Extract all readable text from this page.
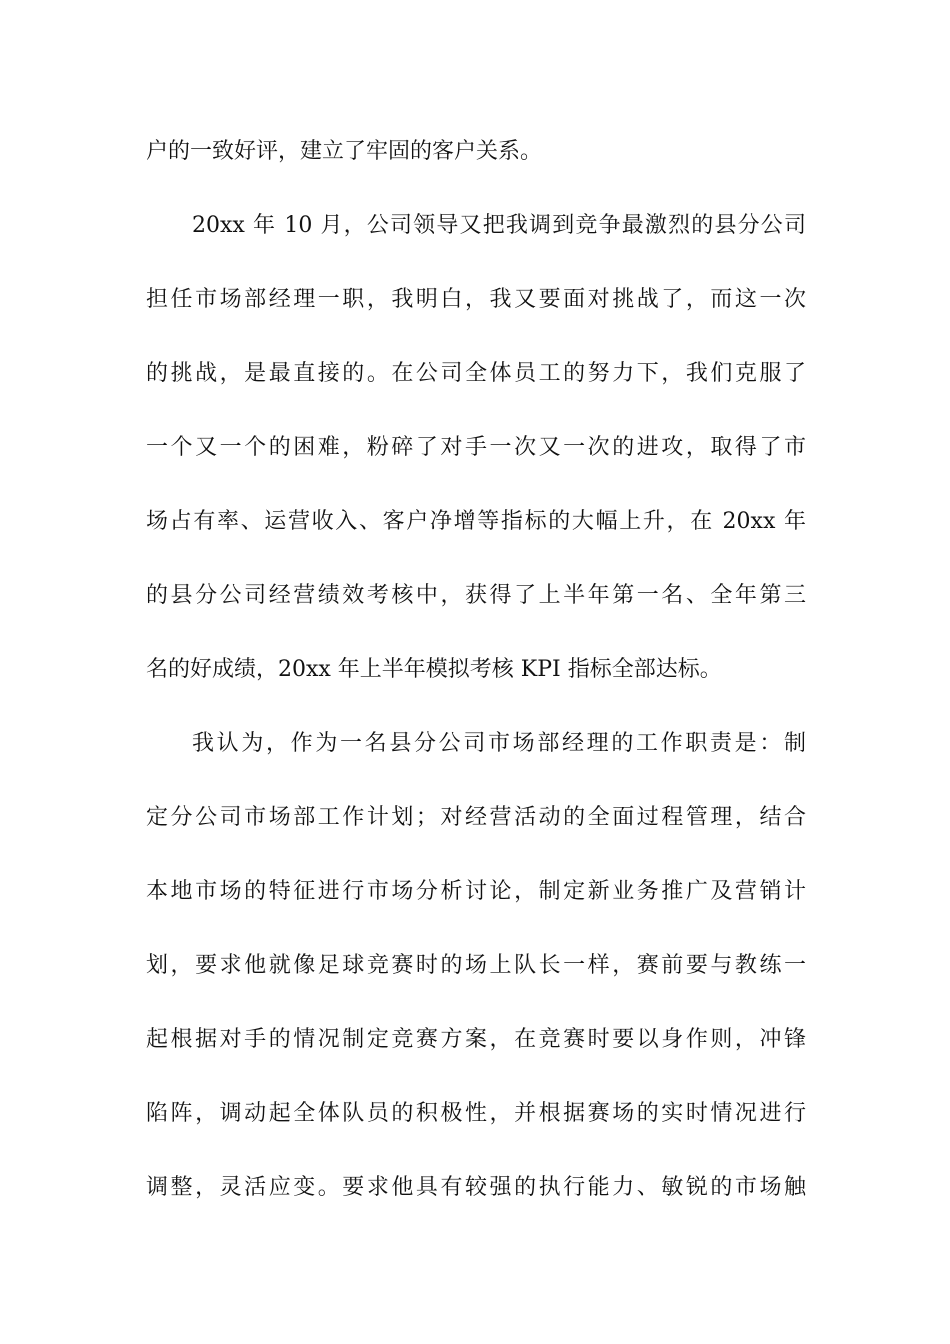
户的一致好评，建立了牢固的客户关系。
20xx 年 10 月，公司领导又把我调到竞争最激烈的县分公司
担任市场部经理一职，我明白，我又要面对挑战了，而这一次
的挑战，是最直接的。在公司全体员工的努力下，我们克服了
一个又一个的困难，粉碎了对手一次又一次的进攻，取得了市
场占有率、运营收入、客户净增等指标的大幅上升，在 20xx 年
的县分公司经营绩效考核中，获得了上半年第一名、全年第三
名的好成绩，20xx 年上半年模拟考核 KPI 指标全部达标。
我认为，作为一名县分公司市场部经理的工作职责是：制
定分公司市场部工作计划；对经营活动的全面过程管理，结合
本地市场的特征进行市场分析讨论，制定新业务推广及营销计
划，要求他就像足球竞赛时的场上队长一样，赛前要与教练一
起根据对手的情况制定竞赛方案，在竞赛时要以身作则，冲锋
陷阵，调动起全体队员的积极性，并根据赛场的实时情况进行
调整，灵活应变。要求他具有较强的执行能力、敏锐的市场触
